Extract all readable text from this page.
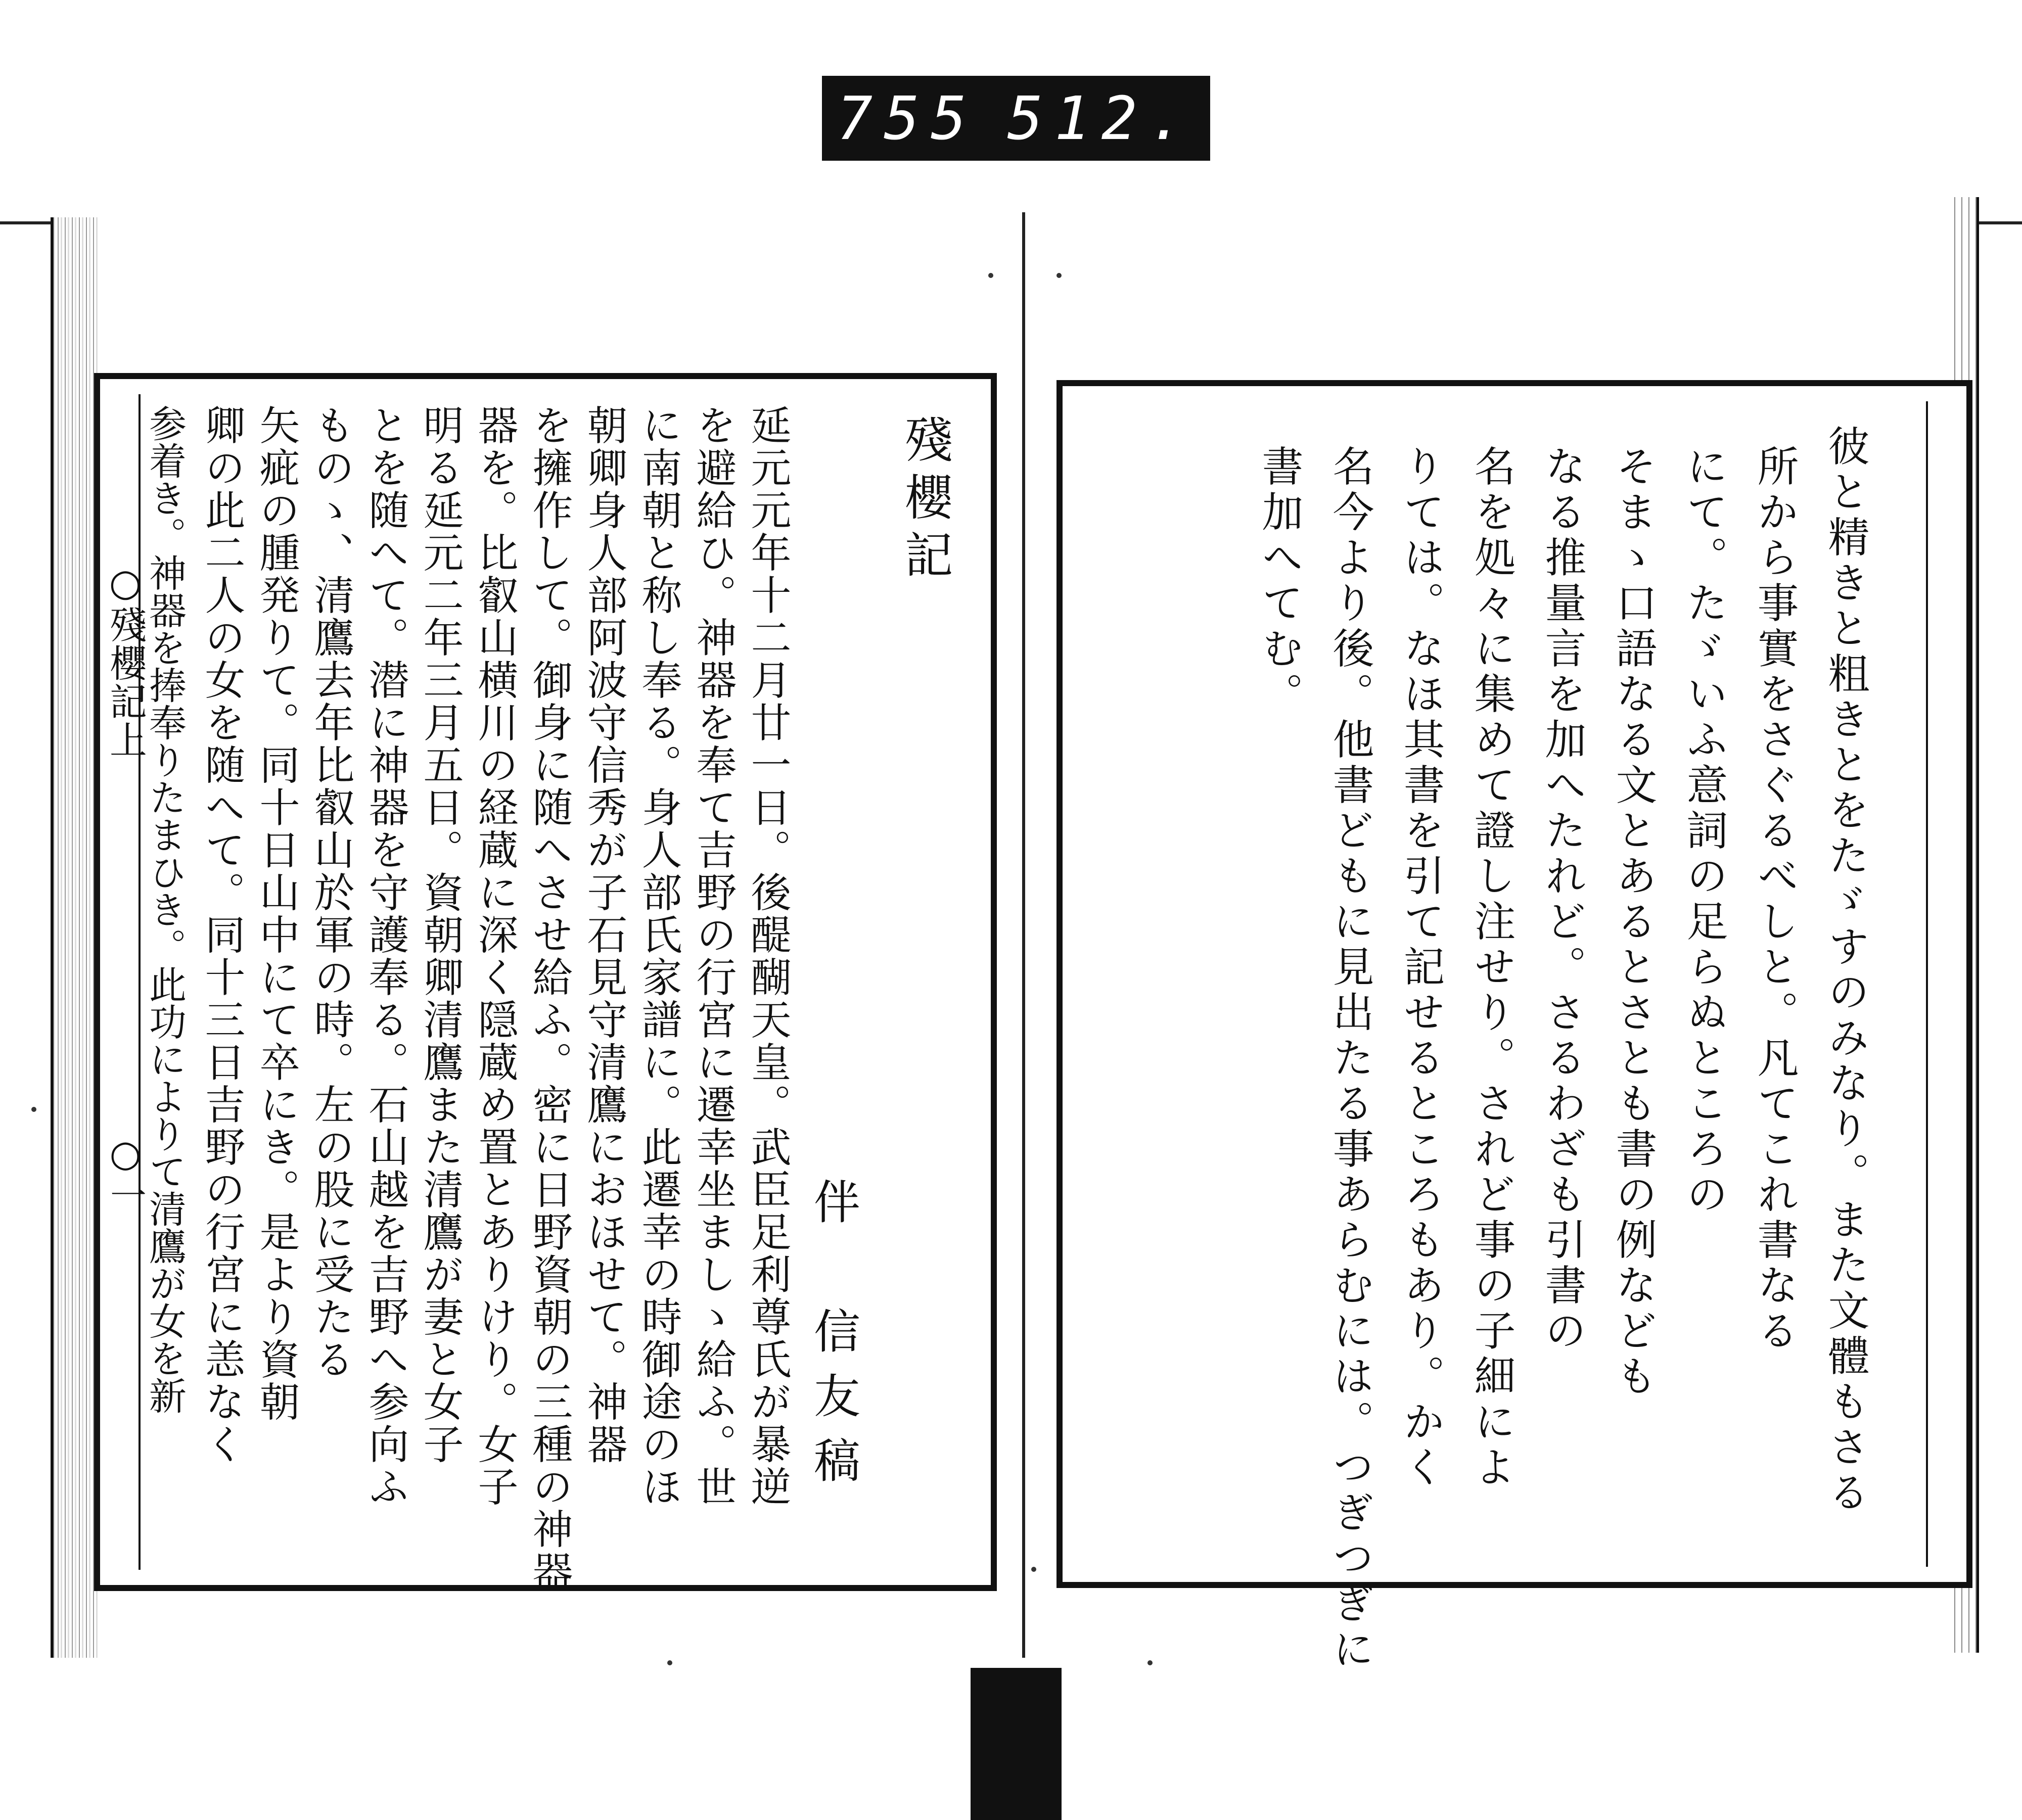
755 512.
○殘櫻記上
○一
殘櫻記
伴　信友稿
延元元年十二月廿一日。後醍醐天皇。武臣足利尊氏が暴逆
を避給ひ。神器を奉て吉野の行宮に遷幸坐ましゝ給ふ。世
に南朝と称し奉る。身人部氏家譜に。此遷幸の時御途のほ
朝卿身人部阿波守信秀が子石見守清鷹におほせて。神器
を擁作して。御身に随へさせ給ふ。密に日野資朝の三種の神器
器を。比叡山横川の経蔵に深く隠蔵め置とありけり。女子
明る延元二年三月五日。資朝卿清鷹また清鷹が妻と女子
とを随へて。潜に神器を守護奉る。石山越を吉野へ参向ふ
ものゝ、清鷹去年比叡山於軍の時。左の股に受たる
矢疵の腫発りて。同十日山中にて卒にき。是より資朝
卿の此二人の女を随へて。同十三日吉野の行宮に恙なく
参着き。神器を捧奉りたまひき。此功によりて清鷹が女を新	彼と精きと粗きとをたゞすのみなり。また文體もさる
所から事實をさぐるべしと。凡てこれ書なる
にて。たゞいふ意詞の足らぬところの
そまゝ口語なる文とあるとさとも書の例なども
なる推量言を加へたれど。さるわざも引書の
名を処々に集めて證し注せり。されど事の子細によ
りては。なほ其書を引て記せるところもあり。かく
名今より後。他書どもに見出たる事あらむには。つぎつぎに
書加へてむ。
